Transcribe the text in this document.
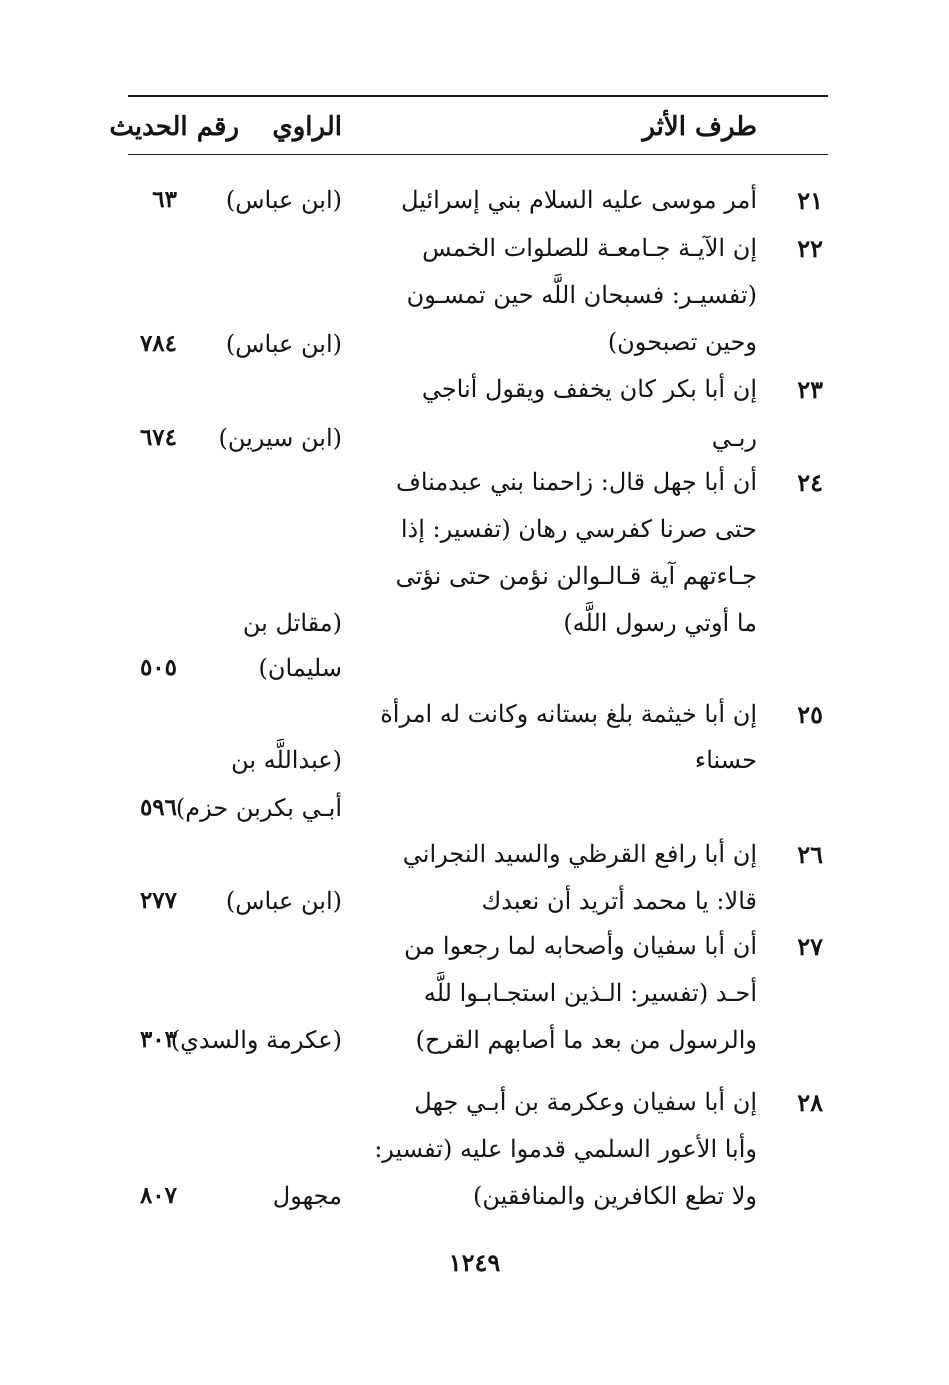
طرف الأثر
الراوي
رقم الحديث
٢١
أمر موسى عليه السلام بني إسرائيل
(ابن عباس)
٦٣
٢٢
إن الآيـة جـامعـة للصلوات الخمس
(تفسيـر: فسبحان اللَّه حين تمسـون
وحين تصبحون)
(ابن عباس)
٧٨٤
٢٣
إن أبا بكر كان يخفف ويقول أناجي
ربـي
(ابن سيرين)
٦٧٤
٢٤
أن أبا جهل قال: زاحمنا بني عبدمناف
حتى صرنا كفرسي رهان (تفسير: إذا
جـاءتهم آية قـالـوالن نؤمن حتى نؤتى
ما أوتي رسول اللَّه)
(مقاتل بن
سليمان)
٥٠٥
٢٥
إن أبا خيثمة بلغ بستانه وكانت له امرأة
حسناء
(عبداللَّه بن
أبـي بكربن حزم)
٥٩٦
٢٦
إن أبا رافع القرظي والسيد النجراني
قالا: يا محمد أتريد أن نعبدك
(ابن عباس)
٢٧٧
٢٧
أن أبا سفيان وأصحابه لما رجعوا من
أحـد (تفسير: الـذين استجـابـوا للَّه
والرسول من بعد ما أصابهم القرح)
(عكرمة والسدي)
٣٠٣
٢٨
إن أبا سفيان وعكرمة بن أبـي جهل
وأبا الأعور السلمي قدموا عليه (تفسير:
ولا تطع الكافرين والمنافقين)
مجهول
٨٠٧
١٢٤٩
